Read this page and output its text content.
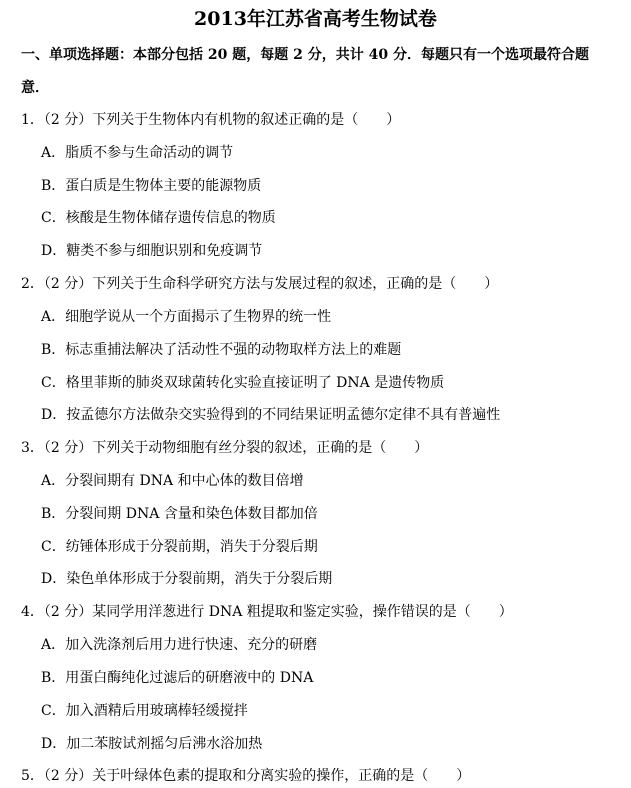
2013年江苏省高考生物试卷
一、单项选择题：本部分包括 20 题，每题 2 分，共计 40 分．每题只有一个选项最符合题
意．
1．（2 分）下列关于生物体内有机物的叙述正确的是（　　）
A．脂质不参与生命活动的调节
B．蛋白质是生物体主要的能源物质
C．核酸是生物体储存遗传信息的物质
D．糖类不参与细胞识别和免疫调节
2．（2 分）下列关于生命科学研究方法与发展过程的叙述，正确的是（　　）
A．细胞学说从一个方面揭示了生物界的统一性
B．标志重捕法解决了活动性不强的动物取样方法上的难题
C．格里菲斯的肺炎双球菌转化实验直接证明了 DNA 是遗传物质
D．按孟德尔方法做杂交实验得到的不同结果证明孟德尔定律不具有普遍性
3．（2 分）下列关于动物细胞有丝分裂的叙述，正确的是（　　）
A．分裂间期有 DNA 和中心体的数目倍增
B．分裂间期 DNA 含量和染色体数目都加倍
C．纺锤体形成于分裂前期，消失于分裂后期
D．染色单体形成于分裂前期，消失于分裂后期
4．（2 分）某同学用洋葱进行 DNA 粗提取和鉴定实验，操作错误的是（　　）
A．加入洗涤剂后用力进行快速、充分的研磨
B．用蛋白酶纯化过滤后的研磨液中的 DNA
C．加入酒精后用玻璃棒轻缓搅拌
D．加二苯胺试剂摇匀后沸水浴加热
5．（2 分）关于叶绿体色素的提取和分离实验的操作，正确的是（　　）
